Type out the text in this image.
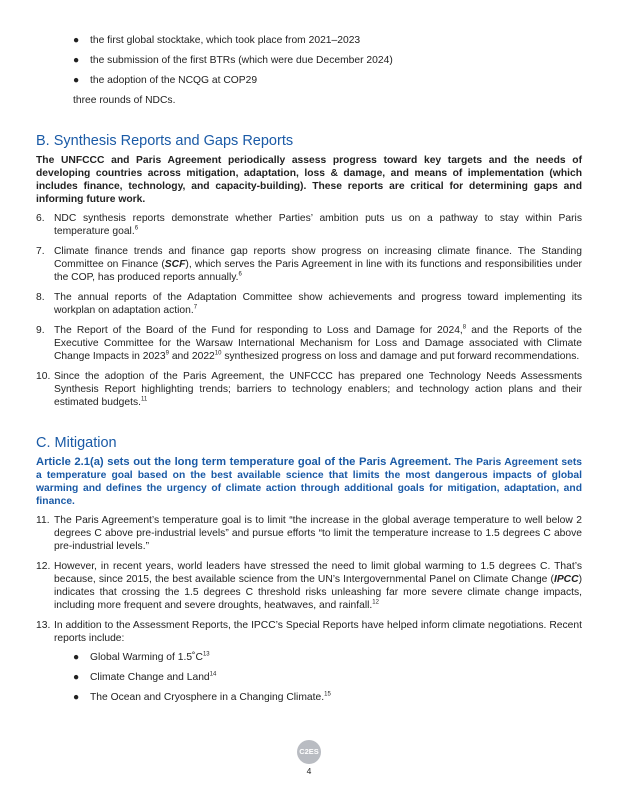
● the first global stocktake, which took place from 2021–2023
● the submission of the first BTRs (which were due December 2024)
● the adoption of the NCQG at COP29
three rounds of NDCs.
B. Synthesis Reports and Gaps Reports

The UNFCCC and Paris Agreement periodically assess progress toward key targets and the needs of developing countries across mitigation, adaptation, loss & damage, and means of implementation (which includes finance, technology, and capacity-building). These reports are critical for determining gaps and informing future work.

6. NDC synthesis reports demonstrate whether Parties’ ambition puts us on a pathway to stay within Paris temperature goal.$^6$
7. Climate finance trends and finance gap reports show progress on increasing climate finance. The Standing Committee on Finance (SCF), which serves the Paris Agreement in line with its functions and responsibilities under the COP, has produced reports annually.$^6$
8. The annual reports of the Adaptation Committee show achievements and progress toward implementing its workplan on adaptation action.$^7$
9. The Report of the Board of the Fund for responding to Loss and Damage for 2024,$^8$ and the Reports of the Executive Committee for the Warsaw International Mechanism for Loss and Damage associated with Climate Change Impacts in 2023$^9$ and 2022$^{10}$ synthesized progress on loss and damage and put forward recommendations.
10. Since the adoption of the Paris Agreement, the UNFCCC has prepared one Technology Needs Assessments Synthesis Report highlighting trends; barriers to technology enablers; and technology action plans and their estimated budgets.$^{11}$
C. Mitigation

Article 2.1(a) sets out the long term temperature goal of the Paris Agreement. The Paris Agreement sets a temperature goal based on the best available science that limits the most dangerous impacts of global warming and defines the urgency of climate action through additional goals for mitigation, adaptation, and finance.

11. The Paris Agreement’s temperature goal is to limit “the increase in the global average temperature to well below 2 degrees C above pre-industrial levels” and pursue efforts “to limit the temperature increase to 1.5 degrees C above pre-industrial levels.”
12. However, in recent years, world leaders have stressed the need to limit global warming to 1.5 degrees C. That’s because, since 2015, the best available science from the UN’s Intergovernmental Panel on Climate Change (IPCC) indicates that crossing the 1.5 degrees C threshold risks unleashing far more severe climate change impacts, including more frequent and severe droughts, heatwaves, and rainfall.$^{12}$
13. In addition to the Assessment Reports, the IPCC’s Special Reports have helped inform climate negotiations. Recent reports include:
● Global Warming of $1.5˚C^{13}$
● Climate Change and Land$^{14}$
● The Ocean and Cryosphere in a Changing Climate.$^{15}$
C2ES
4
